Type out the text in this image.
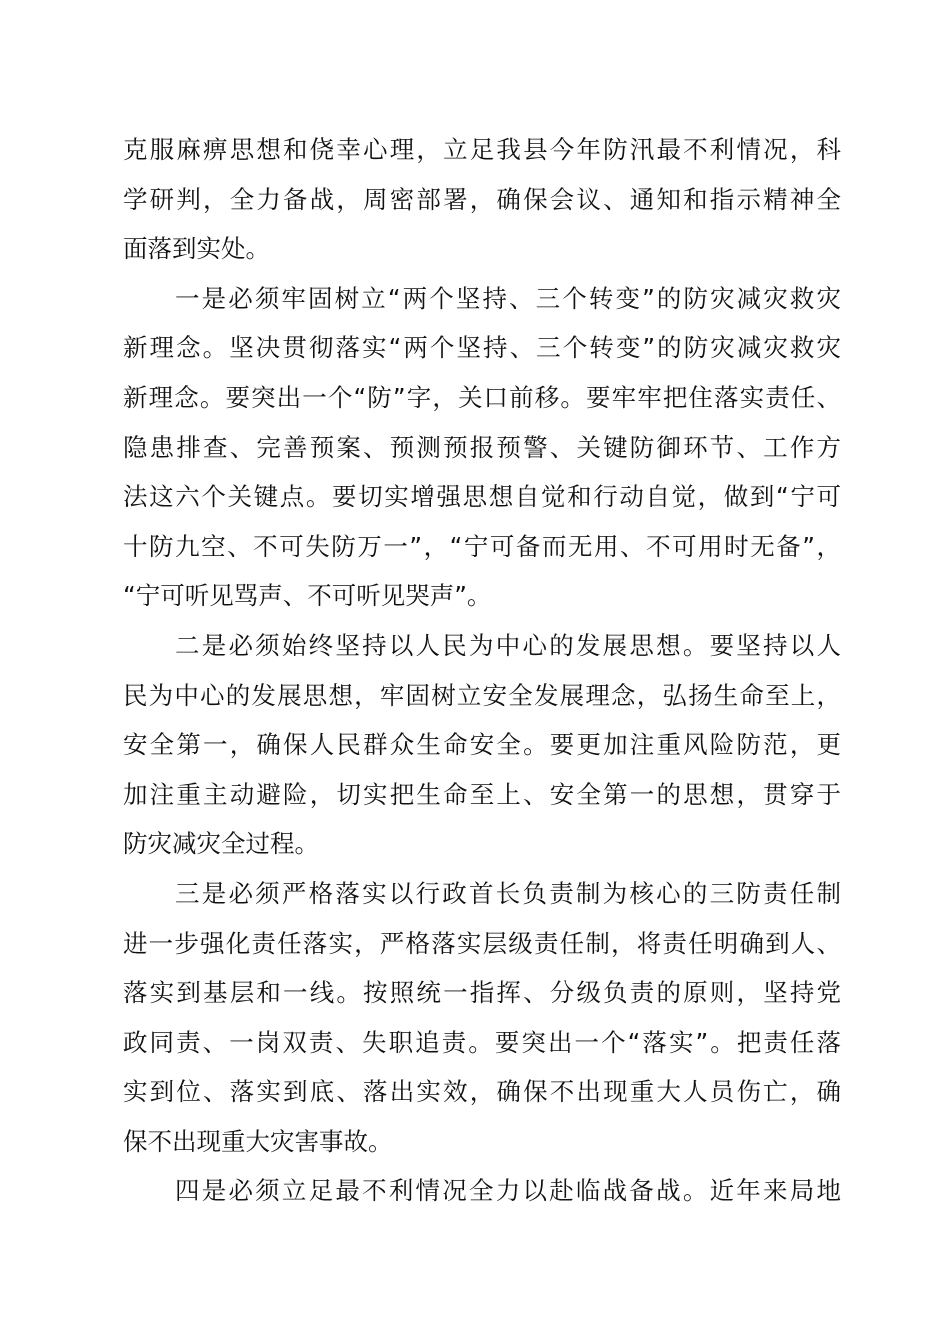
克服麻痹思想和侥幸心理，立足我县今年防汛最不利情况，科
学研判，全力备战，周密部署，确保会议、通知和指示精神全
面落到实处。
一是必须牢固树立“两个坚持、三个转变”的防灾减灾救灾
新理念。坚决贯彻落实“两个坚持、三个转变”的防灾减灾救灾
新理念。要突出一个“防”字，关口前移。要牢牢把住落实责任、
隐患排查、完善预案、预测预报预警、关键防御环节、工作方
法这六个关键点。要切实增强思想自觉和行动自觉，做到“宁可
十防九空、不可失防万一”，“宁可备而无用、不可用时无备”，
“宁可听见骂声、不可听见哭声”。
二是必须始终坚持以人民为中心的发展思想。要坚持以人
民为中心的发展思想，牢固树立安全发展理念，弘扬生命至上，
安全第一，确保人民群众生命安全。要更加注重风险防范，更
加注重主动避险，切实把生命至上、安全第一的思想，贯穿于
防灾减灾全过程。
三是必须严格落实以行政首长负责制为核心的三防责任制
进一步强化责任落实，严格落实层级责任制，将责任明确到人、
落实到基层和一线。按照统一指挥、分级负责的原则，坚持党
政同责、一岗双责、失职追责。要突出一个“落实”。把责任落
实到位、落实到底、落出实效，确保不出现重大人员伤亡，确
保不出现重大灾害事故。
四是必须立足最不利情况全力以赴临战备战。近年来局地
